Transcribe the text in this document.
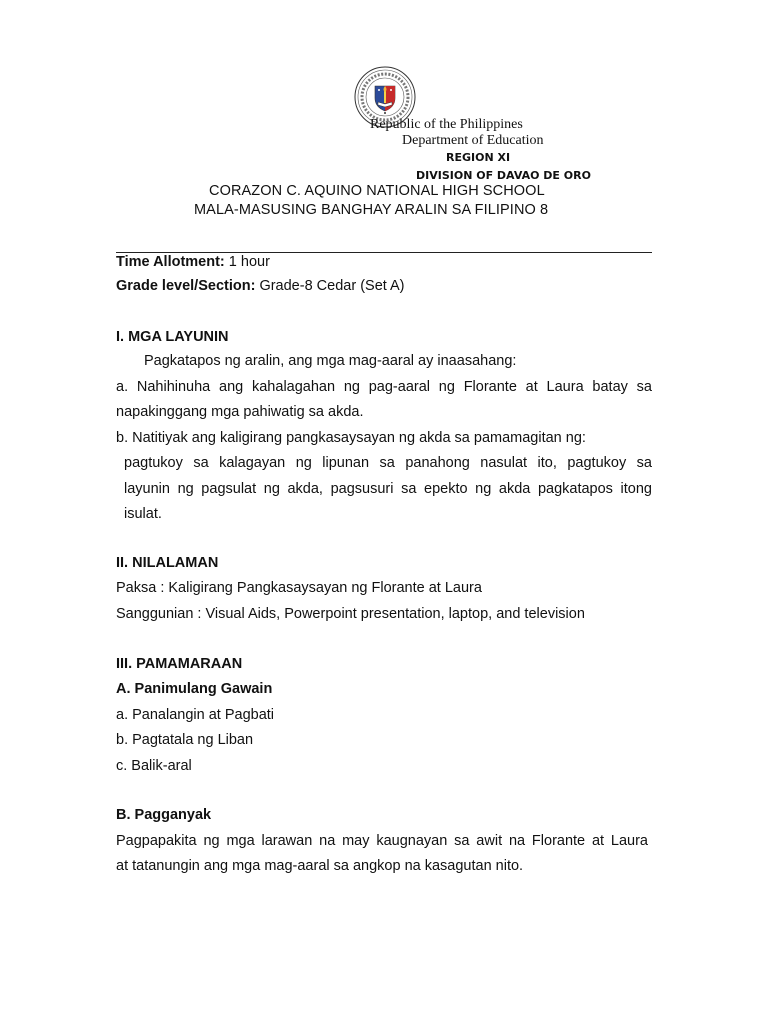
Republic of the Philippines
Department of Education
REGION XI
DIVISION OF DAVAO DE ORO
CORAZON C. AQUINO NATIONAL HIGH SCHOOL
MALA-MASUSING BANGHAY ARALIN SA FILIPINO 8
Time Allotment: 1 hour
Grade level/Section: Grade-8 Cedar (Set A)
I. MGA LAYUNIN
Pagkatapos ng aralin, ang mga mag-aaral ay inaasahang:
a. Nahihinuha ang kahalagahan ng pag-aaral ng Florante at Laura batay sa
napakinggang mga pahiwatig sa akda.
b. Natitiyak ang kaligirang pangkasaysayan ng akda sa pamamagitan ng:
pagtukoy sa kalagayan ng lipunan sa panahong nasulat ito, pagtukoy sa
layunin ng pagsulat ng akda, pagsusuri sa epekto ng akda pagkatapos itong
isulat.
II. NILALAMAN
Paksa : Kaligirang Pangkasaysayan ng Florante at Laura
Sanggunian : Visual Aids, Powerpoint presentation, laptop, and television
III. PAMAMARAAN
A. Panimulang Gawain
a. Panalangin at Pagbati
b. Pagtatala ng Liban
c. Balik-aral
B. Pagganyak
Pagpapakita ng mga larawan na may kaugnayan sa awit na Florante at Laura
at tatanungin ang mga mag-aaral sa angkop na kasagutan nito.
